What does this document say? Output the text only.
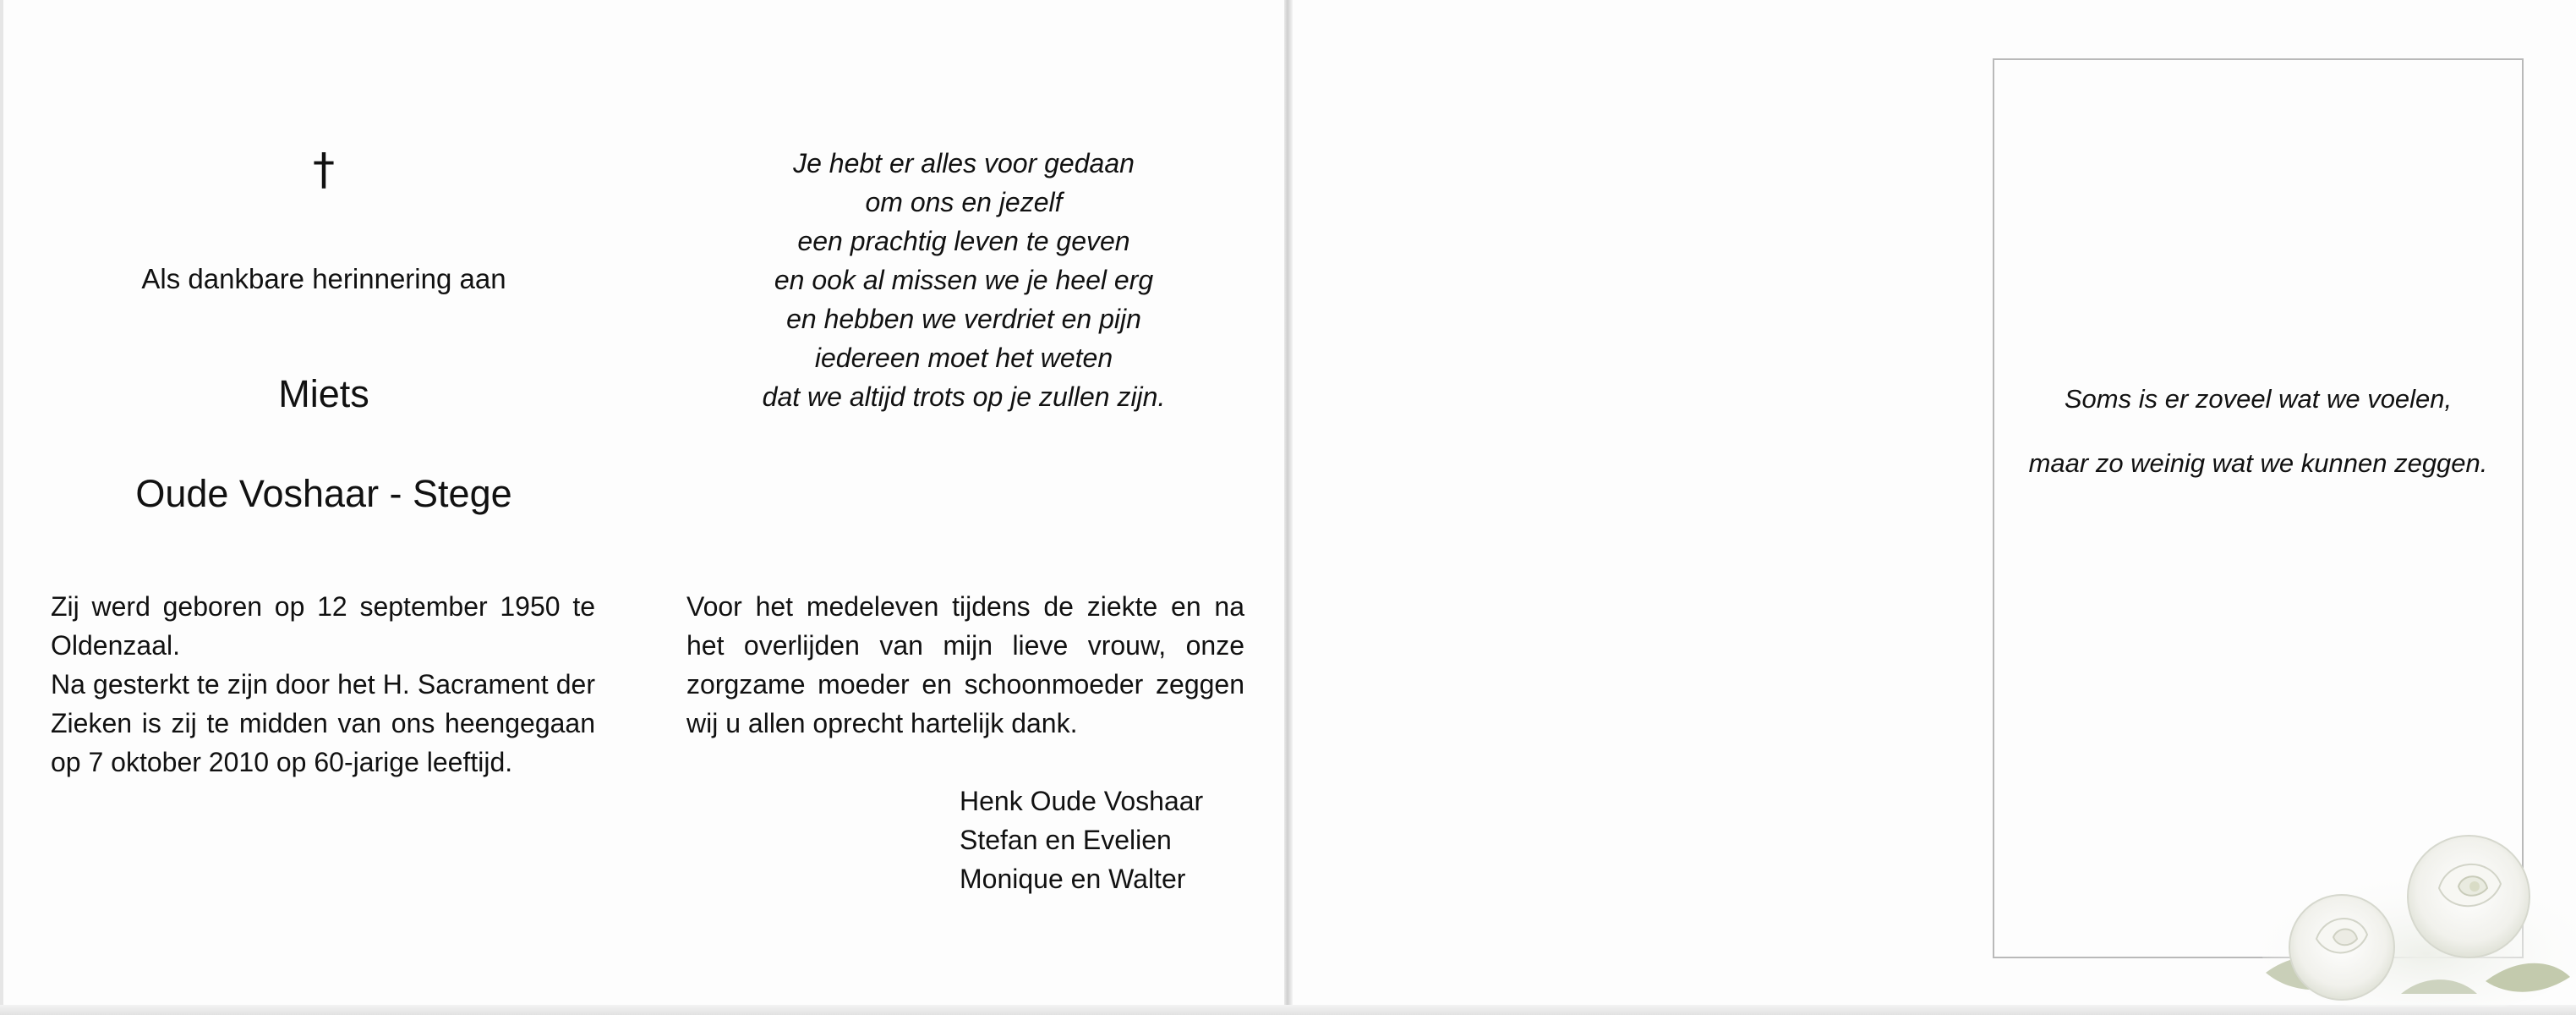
†
Als dankbare herinnering aan
Miets
Oude Voshaar - Stege

Zij werd geboren op 12 september 1950 te Oldenzaal.

Na gesterkt te zijn door het H. Sacrament der Zieken is zij te midden van ons heengegaan op 7 oktober 2010 op 60-jarige leeftijd.

Je hebt er alles voor gedaan
om ons en jezelf
een prachtig leven te geven
en ook al missen we je heel erg
en hebben we verdriet en pijn
iedereen moet het weten
dat we altijd trots op je zullen zijn.

Voor het medeleven tijdens de ziekte en na het overlijden van mijn lieve vrouw, onze zorgzame moeder en schoonmoeder zeggen wij u allen oprecht hartelijk dank.

Henk Oude Voshaar
Stefan en Evelien
Monique en Walter
Soms is er zoveel wat we voelen,
maar zo weinig wat we kunnen zeggen.
